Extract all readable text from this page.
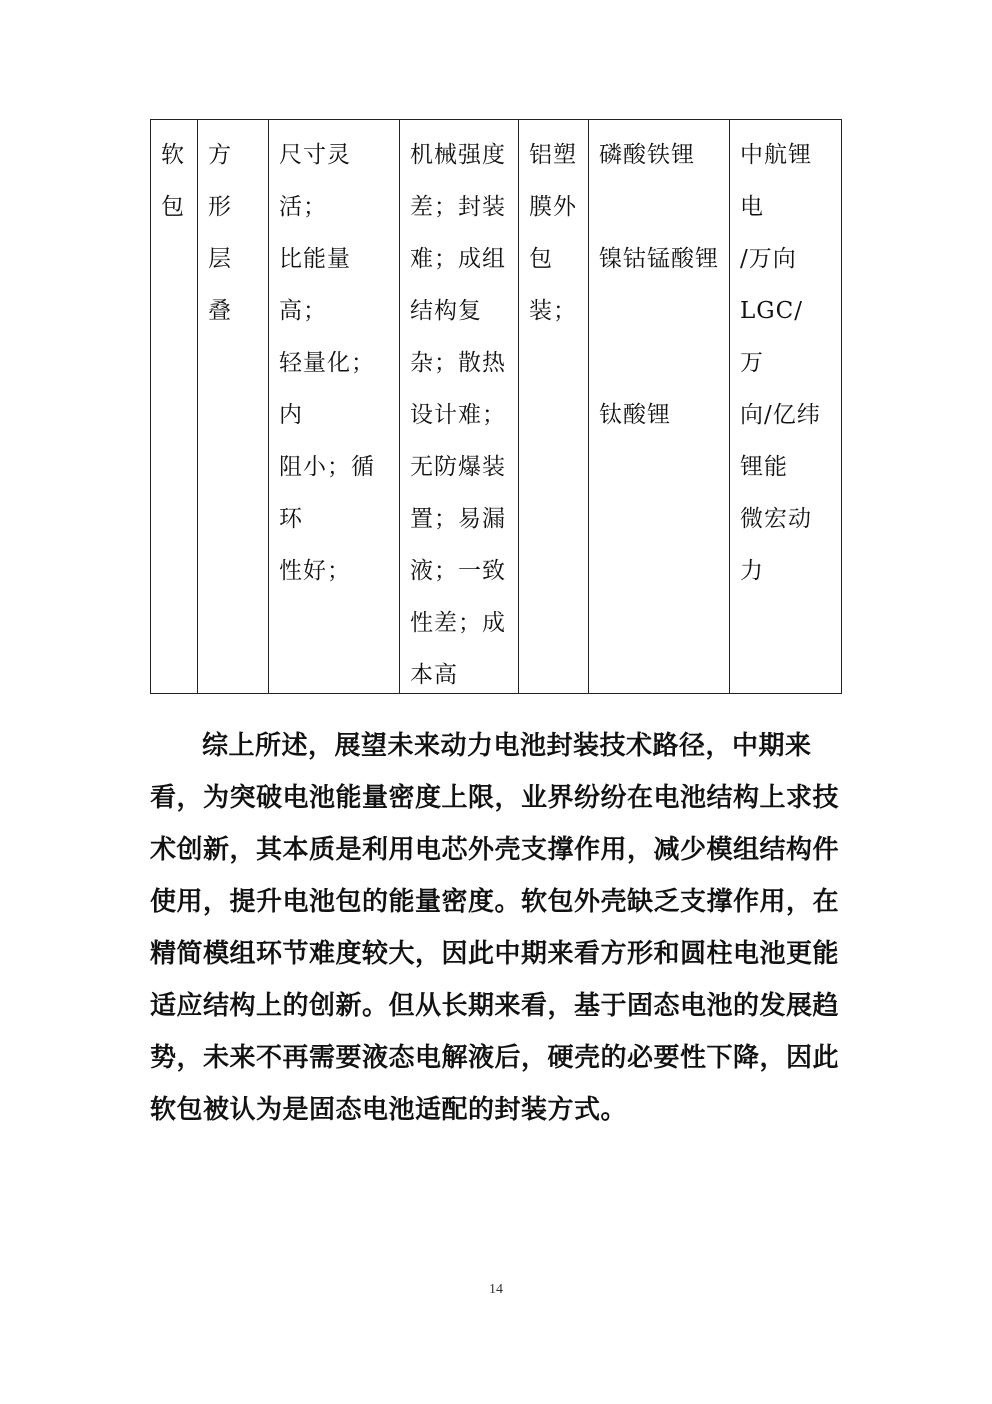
软
包
方形
层叠
尺寸灵活；
比能量高；
轻量化；内
阻小；循环
性好；
机械强度
差；封装
难；成组
结构复
杂；散热
设计难；
无防爆装
置；易漏
液；一致
性差；成
本高
铝塑
膜外
包
装；
磷酸铁锂

镍钴锰酸锂

钛酸锂
中航锂电
/万向
LGC/ 万
向/亿纬
锂能
微宏动力
综上所述，展望未来动力电池封装技术路径，中期来看，为突破电池能量密度上限，业界纷纷在电池结构上求技术创新，其本质是利用电芯外壳支撑作用，减少模组结构件使用，提升电池包的能量密度。软包外壳缺乏支撑作用，在精简模组环节难度较大，因此中期来看方形和圆柱电池更能适应结构上的创新。但从长期来看，基于固态电池的发展趋势，未来不再需要液态电解液后，硬壳的必要性下降，因此软包被认为是固态电池适配的封装方式。
14
